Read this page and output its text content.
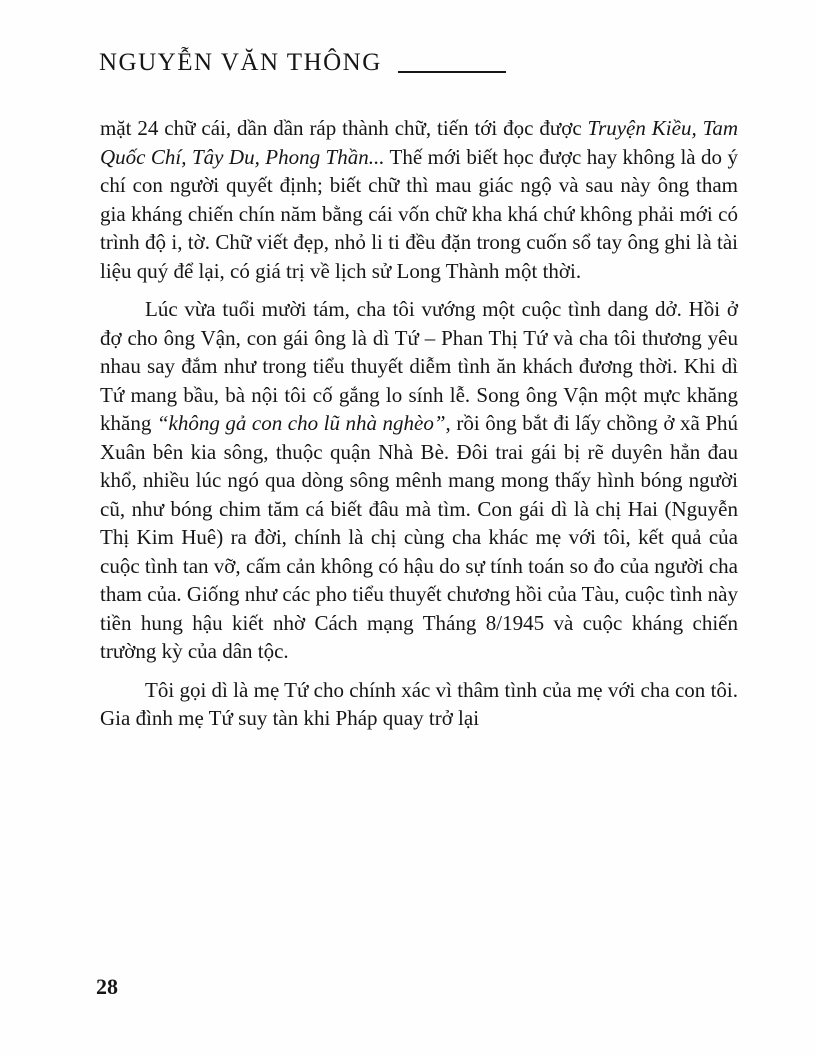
NGUYỄN VĂN THÔNG

mặt 24 chữ cái, dần dần ráp thành chữ, tiến tới đọc được Truyện Kiều, Tam Quốc Chí, Tây Du, Phong Thần... Thế mới biết học được hay không là do ý chí con người quyết định; biết chữ thì mau giác ngộ và sau này ông tham gia kháng chiến chín năm bằng cái vốn chữ kha khá chứ không phải mới có trình độ i, tờ. Chữ viết đẹp, nhỏ li ti đều đặn trong cuốn sổ tay ông ghi là tài liệu quý để lại, có giá trị về lịch sử Long Thành một thời.

Lúc vừa tuổi mười tám, cha tôi vướng một cuộc tình dang dở. Hồi ở đợ cho ông Vận, con gái ông là dì Tứ – Phan Thị Tứ và cha tôi thương yêu nhau say đắm như trong tiểu thuyết diễm tình ăn khách đương thời. Khi dì Tứ mang bầu, bà nội tôi cố gắng lo sính lễ. Song ông Vận một mực khăng khăng “không gả con cho lũ nhà nghèo”, rồi ông bắt đi lấy chồng ở xã Phú Xuân bên kia sông, thuộc quận Nhà Bè. Đôi trai gái bị rẽ duyên hẳn đau khổ, nhiều lúc ngó qua dòng sông mênh mang mong thấy hình bóng người cũ, như bóng chim tăm cá biết đâu mà tìm. Con gái dì là chị Hai (Nguyễn Thị Kim Huê) ra đời, chính là chị cùng cha khác mẹ với tôi, kết quả của cuộc tình tan vỡ, cấm cản không có hậu do sự tính toán so đo của người cha tham của. Giống như các pho tiểu thuyết chương hồi của Tàu, cuộc tình này tiền hung hậu kiết nhờ Cách mạng Tháng 8/1945 và cuộc kháng chiến trường kỳ của dân tộc.

Tôi gọi dì là mẹ Tứ cho chính xác vì thâm tình của mẹ với cha con tôi. Gia đình mẹ Tứ suy tàn khi Pháp quay trở lại

28
